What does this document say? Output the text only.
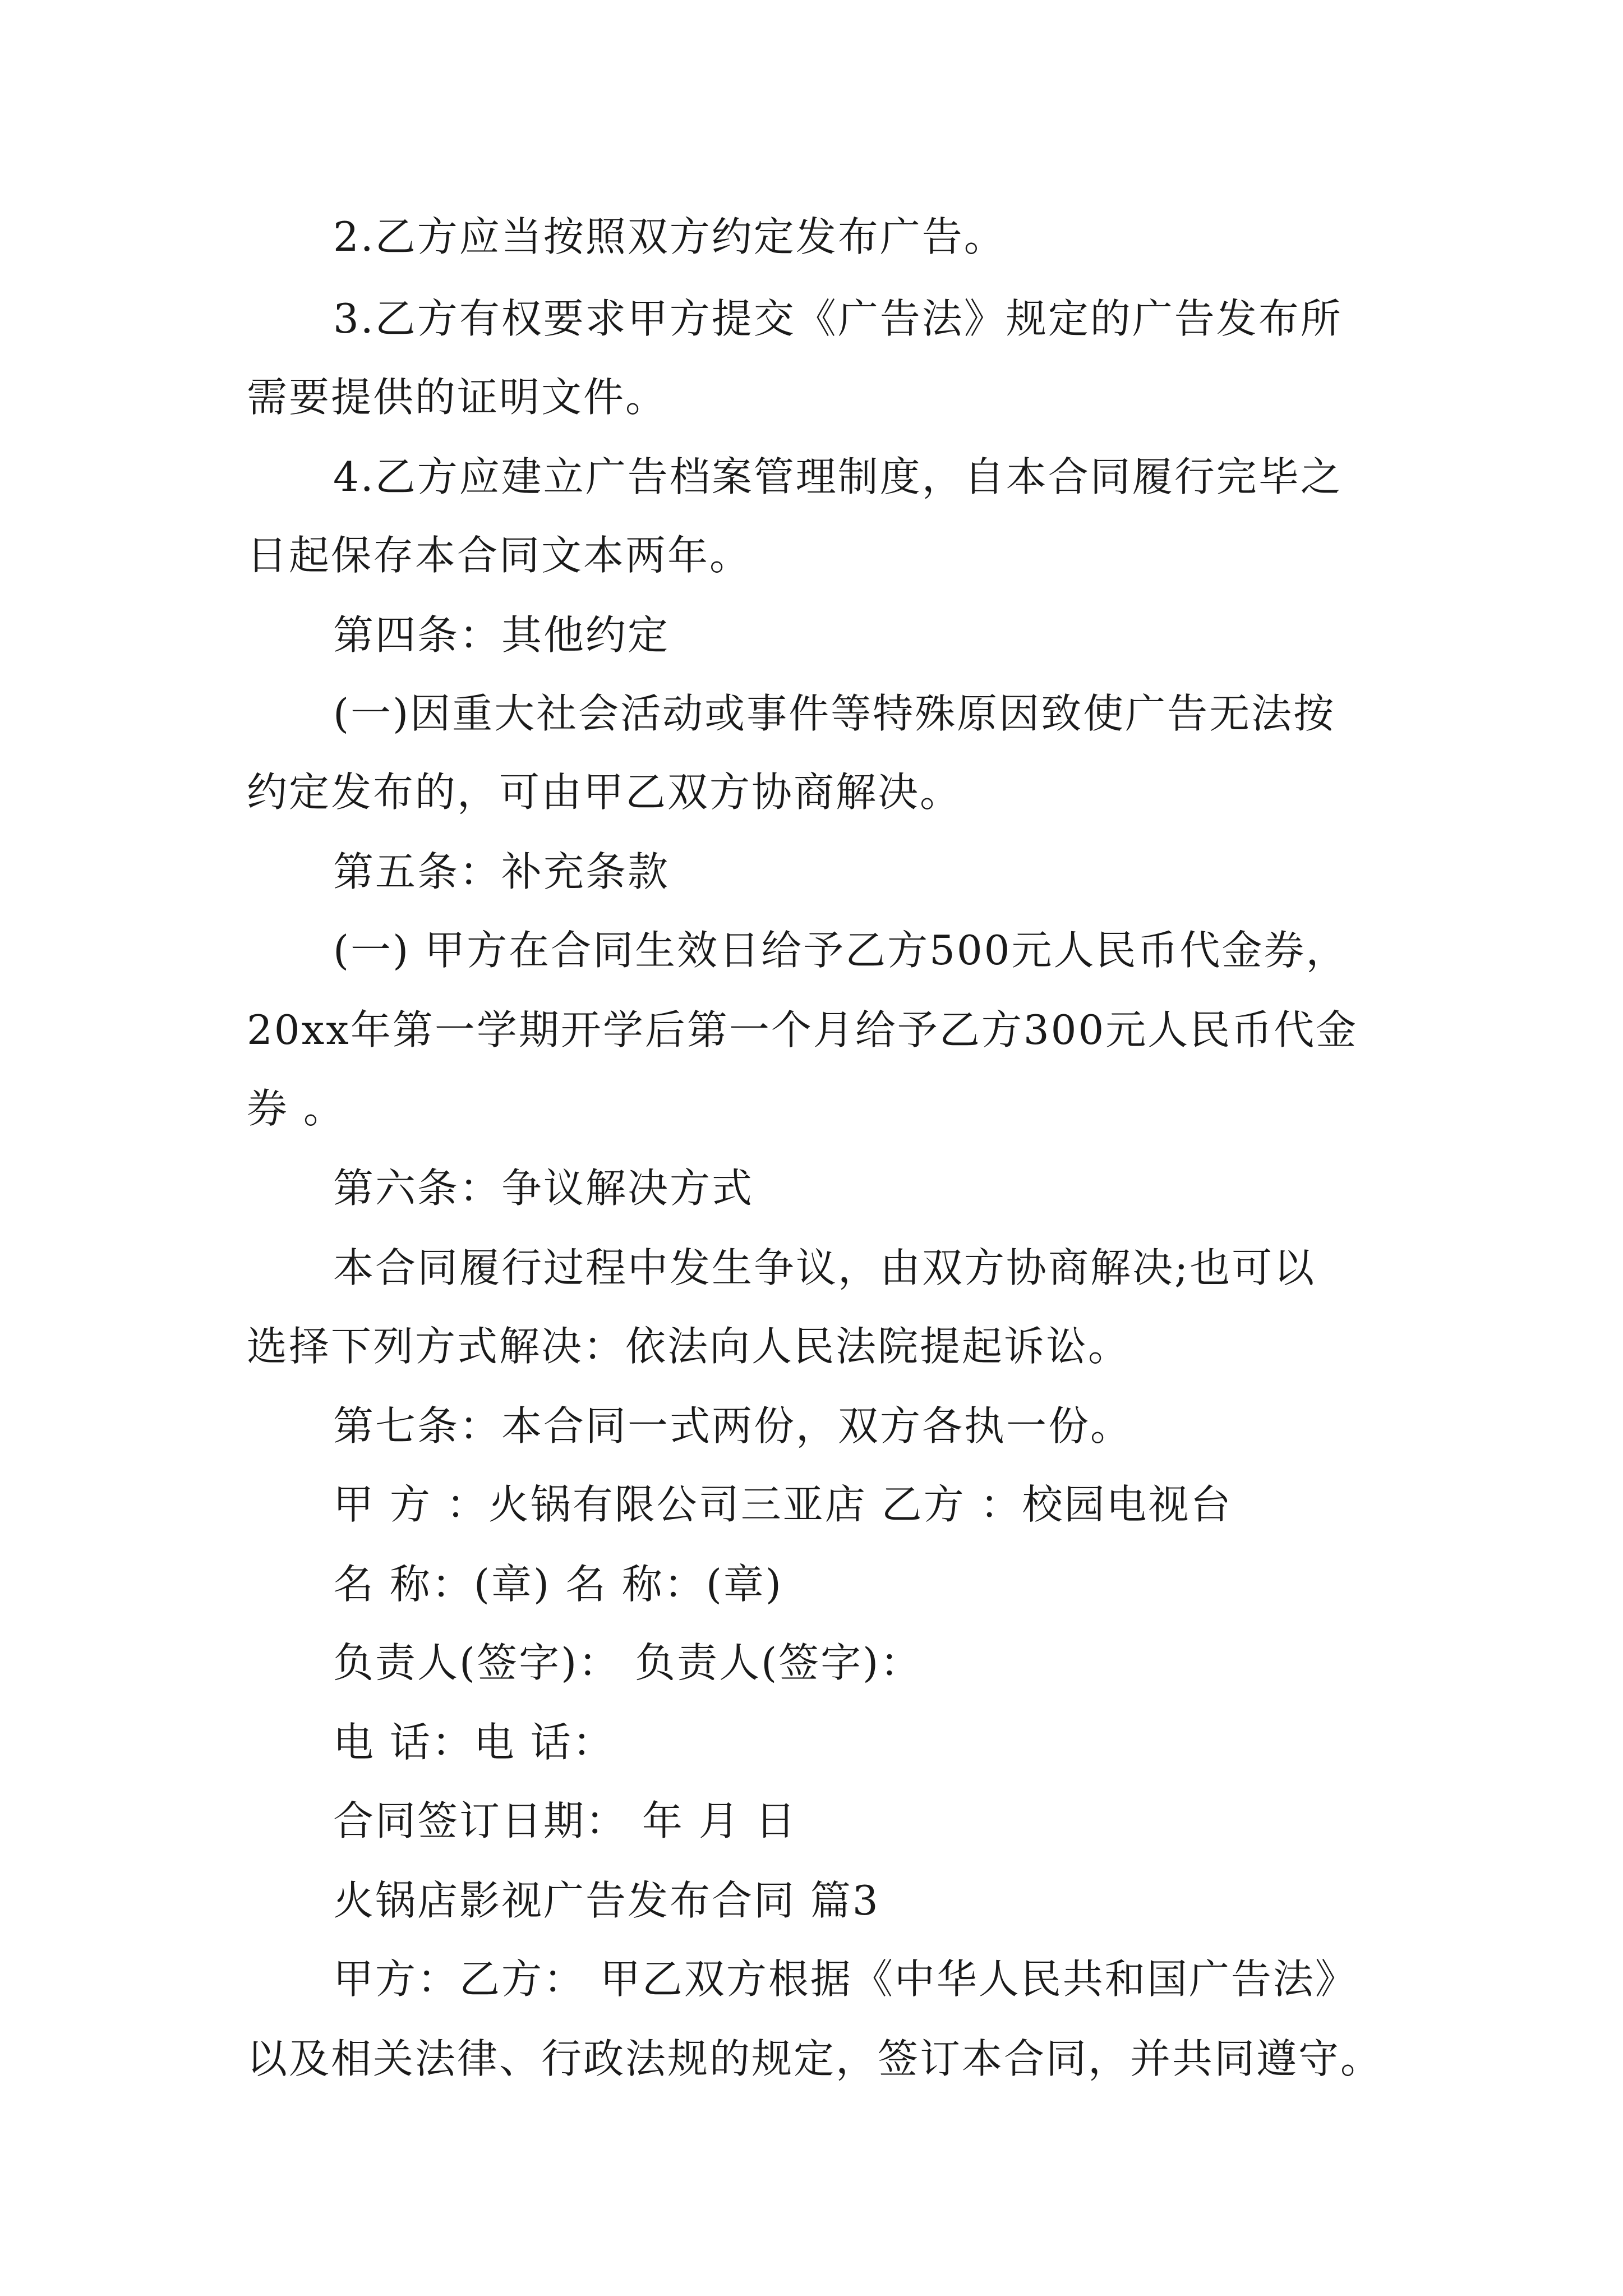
2.乙方应当按照双方约定发布广告。
3.乙方有权要求甲方提交《广告法》规定的广告发布所
需要提供的证明文件。
4.乙方应建立广告档案管理制度，自本合同履行完毕之
日起保存本合同文本两年。
第四条：其他约定
(一)因重大社会活动或事件等特殊原因致使广告无法按
约定发布的，可由甲乙双方协商解决。
第五条：补充条款
(一) 甲方在合同生效日给予乙方500元人民币代金券，
20xx年第一学期开学后第一个月给予乙方300元人民币代金
券 。
第六条：争议解决方式
本合同履行过程中发生争议，由双方协商解决;也可以
选择下列方式解决：依法向人民法院提起诉讼。
第七条：本合同一式两份，双方各执一份。
甲 方 ：火锅有限公司三亚店 乙方 ：校园电视台
名 称：(章) 名 称：(章)
负责人(签字)： 负责人(签字)：
电 话：电 话：
合同签订日期： 年 月 日
火锅店影视广告发布合同 篇3
甲方：乙方： 甲乙双方根据《中华人民共和国广告法》
以及相关法律、行政法规的规定，签订本合同，并共同遵守。
